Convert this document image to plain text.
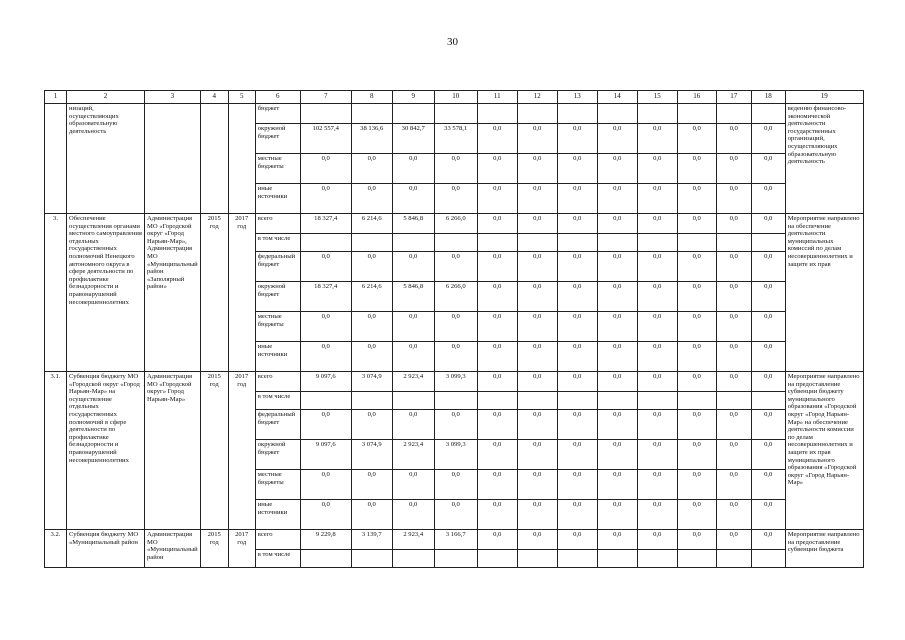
30
1	2	3	4	5	6	7	8	9	10	11	12	13	14	15	16	17	18	19
	низаций, осуществляющих образовательную деятельность				бюджет													веденню финансово-экономической деятельности государственных организаций, осуществляющих образовательную деятельность
					окружной бюджет	102 557,4	38 136,6	30 842,7	33 578,1	0,0	0,0	0,0	0,0	0,0	0,0	0,0	0,0	
					местные бюджеты	0,0	0,0	0,0	0,0	0,0	0,0	0,0	0,0	0,0	0,0	0,0	0,0	
					иные источники	0,0	0,0	0,0	0,0	0,0	0,0	0,0	0,0	0,0	0,0	0,0	0,0	
3.	Обеспечение осуществления органами местного самоуправления отдельных государственных полномочий Ненецкого автономного округа в сфере деятельности по профилактике безнадзорности и правонарушений несовершеннолетних	Администрация МО «Городской округ «Город Нарьян-Мар», Администрация МО «Муниципальный район «Заполярный район»	2015 год	2017 год	всего	18 327,4	6 214,6	5 846,8	6 266,0	0,0	0,0	0,0	0,0	0,0	0,0	0,0	0,0	Мероприятие направлено на обеспечение деятельности муниципальных комиссий по делам несовершеннолетних и защите их прав
					в том числе													
					федеральный бюджет	0,0	0,0	0,0	0,0	0,0	0,0	0,0	0,0	0,0	0,0	0,0	0,0	
					окружной бюджет	18 327,4	6 214,6	5 846,8	6 266,0	0,0	0,0	0,0	0,0	0,0	0,0	0,0	0,0	
					местные бюджеты	0,0	0,0	0,0	0,0	0,0	0,0	0,0	0,0	0,0	0,0	0,0	0,0	
					иные источники	0,0	0,0	0,0	0,0	0,0	0,0	0,0	0,0	0,0	0,0	0,0	0,0	
3.1.	Субвенция бюджету МО «Городской округ «Город Нарьян-Мар» на осуществление отдельных государственных полномочий в сфере деятельности по профилактике безнадзорности и правонарушений несовершеннолетних	Администрация МО «Городской округ» Город Нарьян-Мар»	2015 год	2017 год	всего	9 097,6	3 074,9	2 923,4	3 099,3	0,0	0,0	0,0	0,0	0,0	0,0	0,0	0,0	Мероприятие направлено на предоставление субвенции бюджету муниципального образования «Городской округ «Город Нарьян-Мар» на обеспечение деятельности комиссии по делам несовершеннолетних и защите их прав муниципального образования «Городской округ «Город Нарьян-Мар»
					в том числе													
					федеральный бюджет	0,0	0,0	0,0	0,0	0,0	0,0	0,0	0,0	0,0	0,0	0,0	0,0	
					окружной бюджет	9 097,6	3 074,9	2 923,4	3 099,3	0,0	0,0	0,0	0,0	0,0	0,0	0,0	0,0	
					местные бюджеты	0,0	0,0	0,0	0,0	0,0	0,0	0,0	0,0	0,0	0,0	0,0	0,0	
					иные источники	0,0	0,0	0,0	0,0	0,0	0,0	0,0	0,0	0,0	0,0	0,0	0,0	
3.2.	Субвенция бюджету МО «Муниципальный район	Администрация МО «Муниципальный район	2015 год	2017 год	всего	9 229,8	3 139,7	2 923,4	3 166,7	0,0	0,0	0,0	0,0	0,0	0,0	0,0	0,0	Мероприятие направлено на предоставление субвенции бюджета
					в том числе													
